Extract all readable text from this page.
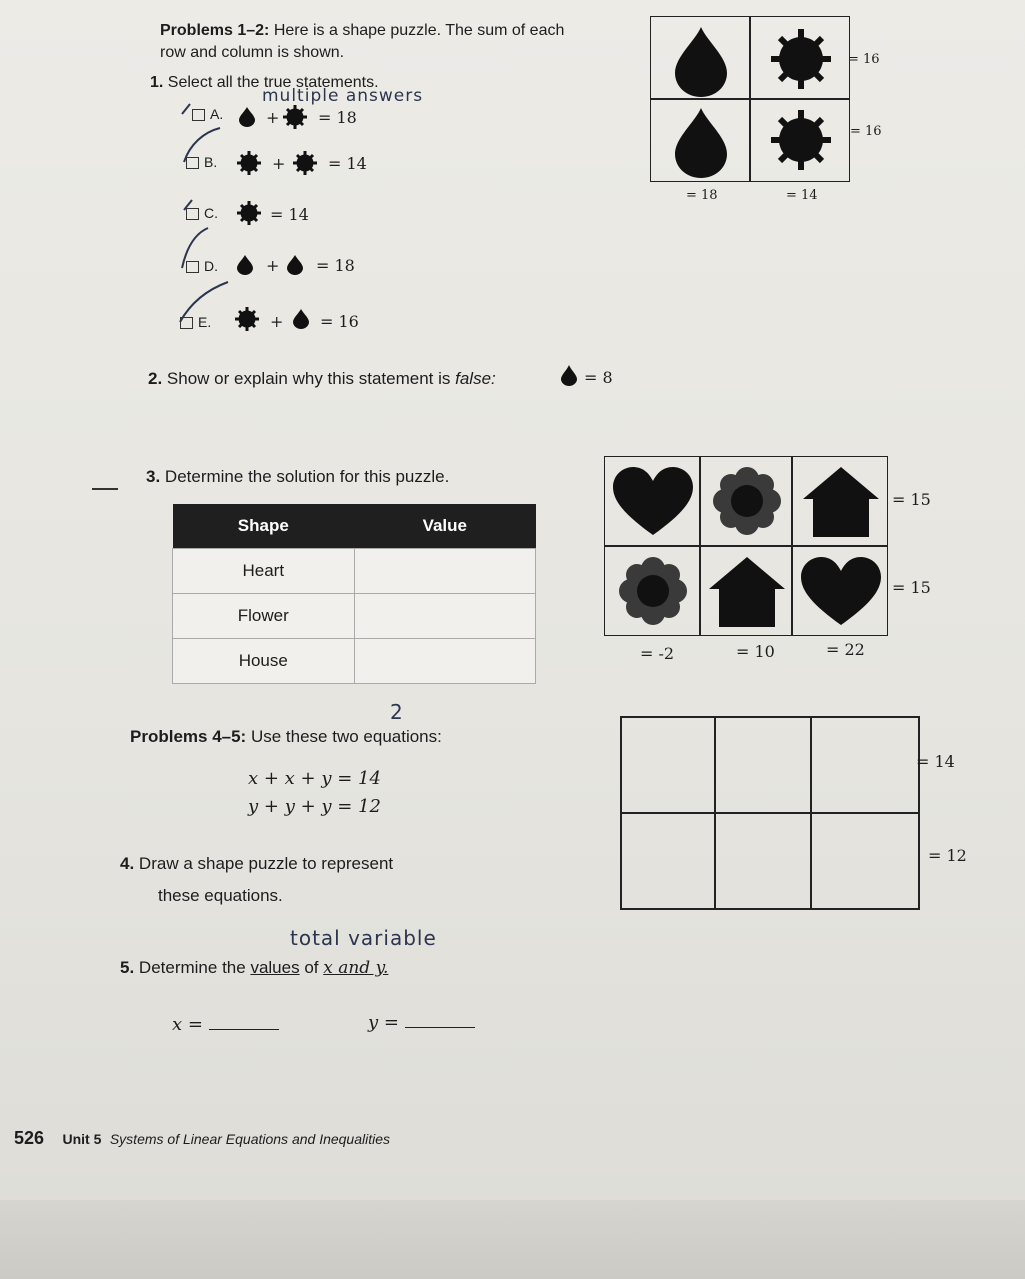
Problems 1–2: Here is a shape puzzle. The sum of each
row and column is shown.	= 16
= 16
= 18	= 14
1. Select all the true statements.
multiple answers
A.	+ = 18
B.	+	= 14
C.	= 14
D.	+ = 18
E.	+ = 16
2. Show or explain why this statement is false:	= 8
3. Determine the solution for this puzzle.
Shape	Value
Heart	
Flower	
House	
= 15
= 15
= -2	= 10	= 22
Problems 4–5: Use these two equations:
2
x + x + y = 14
y + y + y = 12
= 14
= 12
4. Draw a shape puzzle to represent
these equations.
total variable
5. Determine the values of x and y.
x =	y =
526 Unit 5 Systems of Linear Equations and Inequalities
